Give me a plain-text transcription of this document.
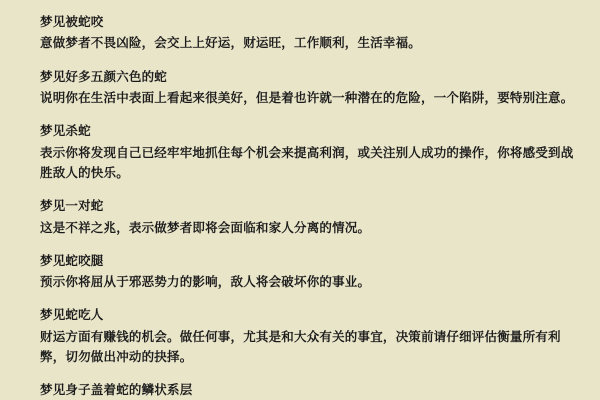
梦见被蛇咬
意做梦者不畏凶险，会交上上好运，财运旺，工作顺利，生活幸福。
梦见好多五颜六色的蛇
说明你在生活中表面上看起来很美好，但是着也许就一种潜在的危险，一个陷阱，要特别注意。
梦见杀蛇
表示你将发现自己已经牢牢地抓住每个机会来提高利润，或关注别人成功的操作，你将感受到战胜敌人的快乐。
梦见一对蛇
这是不祥之兆，表示做梦者即将会面临和家人分离的情况。
梦见蛇咬腿
预示你将屈从于邪恶势力的影响，敌人将会破坏你的事业。
梦见蛇吃人
财运方面有赚钱的机会。做任何事，尤其是和大众有关的事宜，决策前请仔细评估衡量所有利弊，切勿做出冲动的抉择。
梦见身子盖着蛇的鳞状系层
